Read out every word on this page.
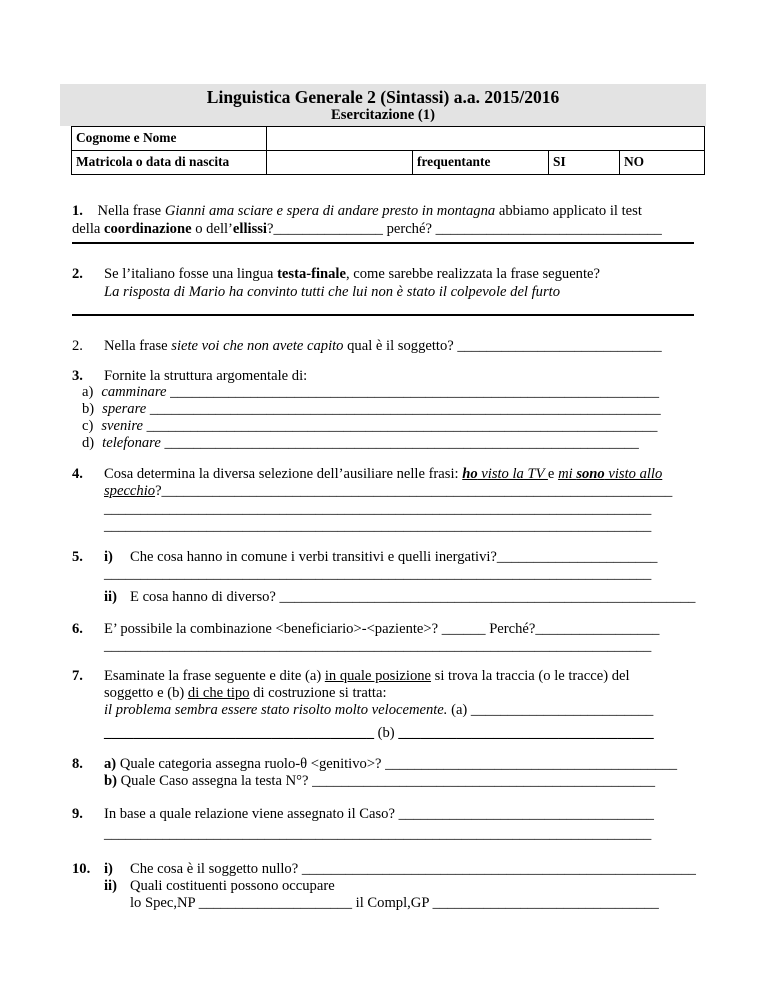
Linguistica Generale 2 (Sintassi) a.a. 2015/2016
Esercitazione (1)
Cognome e Nome				
Matricola o data di nascita		frequentante	SI	NO
1. Nella frase Gianni ama sciare e spera di andare presto in montagna abbiamo applicato il test
della coordinazione o dell’ellissi?_______________ perché? _______________________________
2. Se l’italiano fosse una lingua testa-finale, come sarebbe realizzata la frase seguente?
La risposta di Mario ha convinto tutti che lui non è stato il colpevole del furto
2. Nella frase siete voi che non avete capito qual è il soggetto? ____________________________
3. Fornite la struttura argomentale di:
a) camminare ___________________________________________________________________
b) sperare ______________________________________________________________________
c) svenire ______________________________________________________________________
d) telefonare _________________________________________________________________
4. Cosa determina la diversa selezione dell’ausiliare nelle frasi: ho visto la TV e mi sono visto allo
specchio?______________________________________________________________________
___________________________________________________________________________
___________________________________________________________________________
5. i) Che cosa hanno in comune i verbi transitivi e quelli inergativi?______________________
___________________________________________________________________________
ii) E cosa hanno di diverso? _________________________________________________________
6. E’ possibile la combinazione <beneficiario>-<paziente>? ______ Perché?_________________
___________________________________________________________________________
7. Esaminate la frase seguente e dite (a) in quale posizione si trova la traccia (o le tracce) del
soggetto e (b) di che tipo di costruzione si tratta:
il problema sembra essere stato risolto molto velocemente. (a) _________________________
_____________________________________ (b) ___________________________________
8. a) Quale categoria assegna ruolo-θ <genitivo>? ________________________________________
b) Quale Caso assegna la testa N°? _______________________________________________
9. In base a quale relazione viene assegnato il Caso? ___________________________________
___________________________________________________________________________
10. i) Che cosa è il soggetto nullo? ______________________________________________________
ii) Quali costituenti possono occupare
lo Spec,NP _____________________ il Compl,GP _______________________________
